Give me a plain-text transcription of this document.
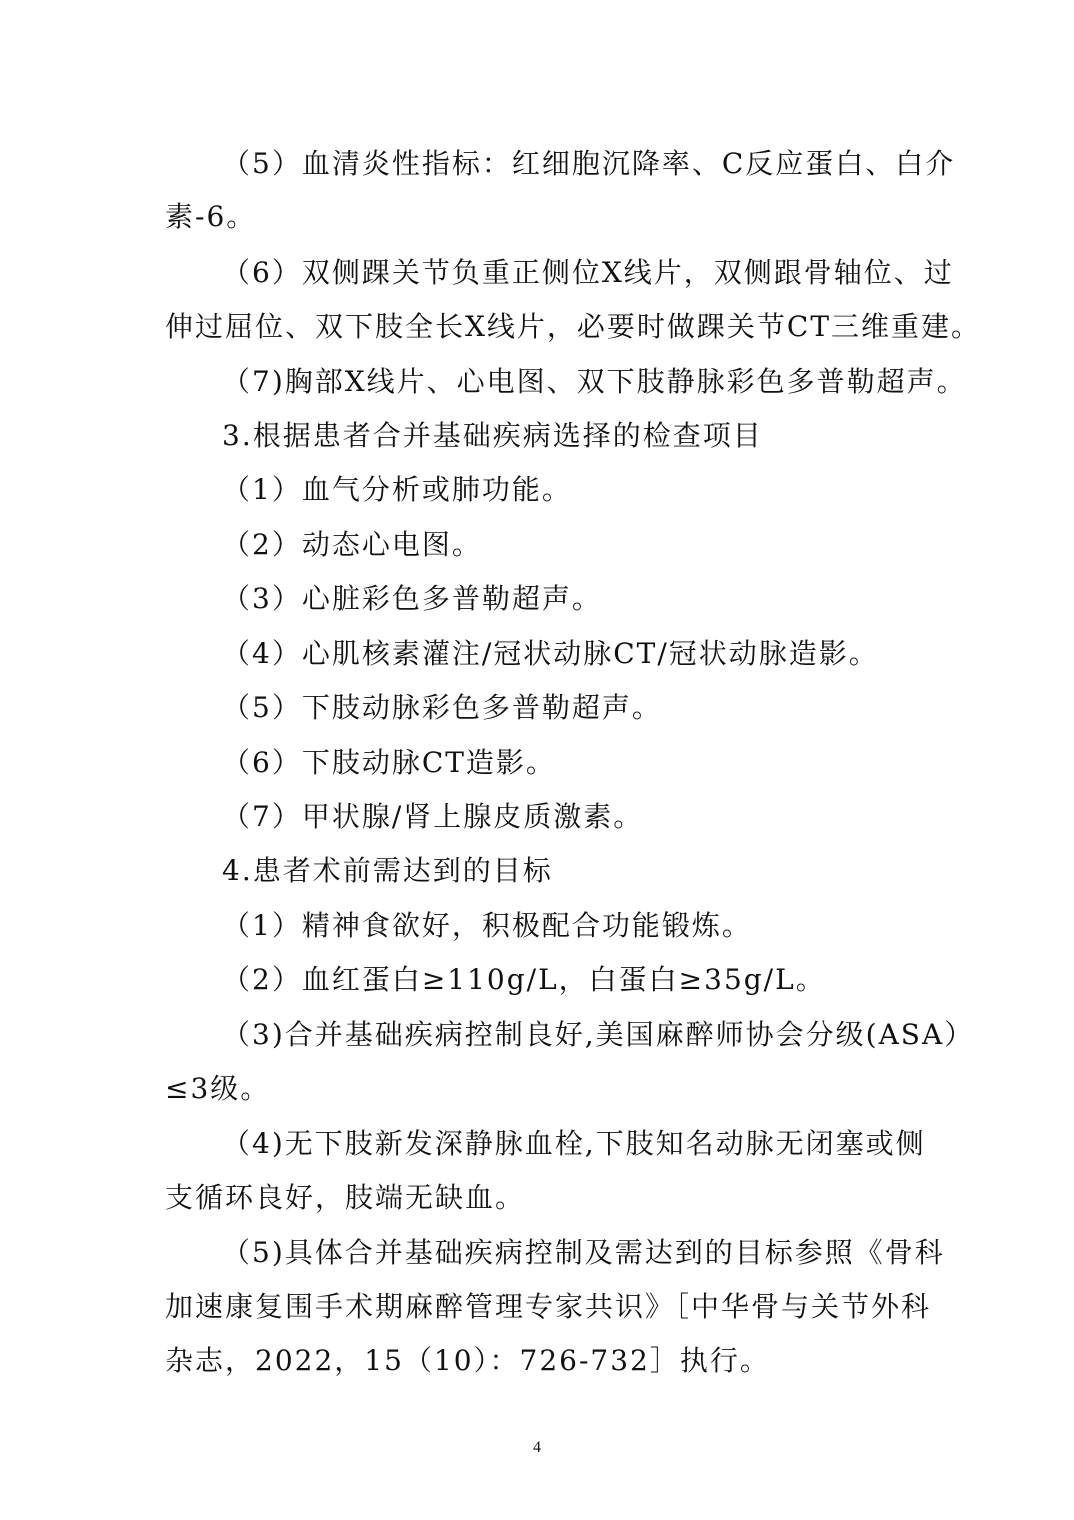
（5）血清炎性指标：红细胞沉降率、C反应蛋白、白介
素-6。
（6）双侧踝关节负重正侧位X线片，双侧跟骨轴位、过
伸过屈位、双下肢全长X线片，必要时做踝关节CT三维重建。
（7)胸部X线片、心电图、双下肢静脉彩色多普勒超声。
3.根据患者合并基础疾病选择的检查项目
（1）血气分析或肺功能。
（2）动态心电图。
（3）心脏彩色多普勒超声。
（4）心肌核素灌注/冠状动脉CT/冠状动脉造影。
（5）下肢动脉彩色多普勒超声。
（6）下肢动脉CT造影。
（7）甲状腺/肾上腺皮质激素。
4.患者术前需达到的目标
（1）精神食欲好，积极配合功能锻炼。
（2）血红蛋白≥110g/L，白蛋白≥35g/L。
（3)合并基础疾病控制良好,美国麻醉师协会分级(ASA）
≤3级。
（4)无下肢新发深静脉血栓,下肢知名动脉无闭塞或侧
支循环良好，肢端无缺血。
（5)具体合并基础疾病控制及需达到的目标参照《骨科
加速康复围手术期麻醉管理专家共识》［中华骨与关节外科
杂志，2022，15（10）：726-732］执行。
4
